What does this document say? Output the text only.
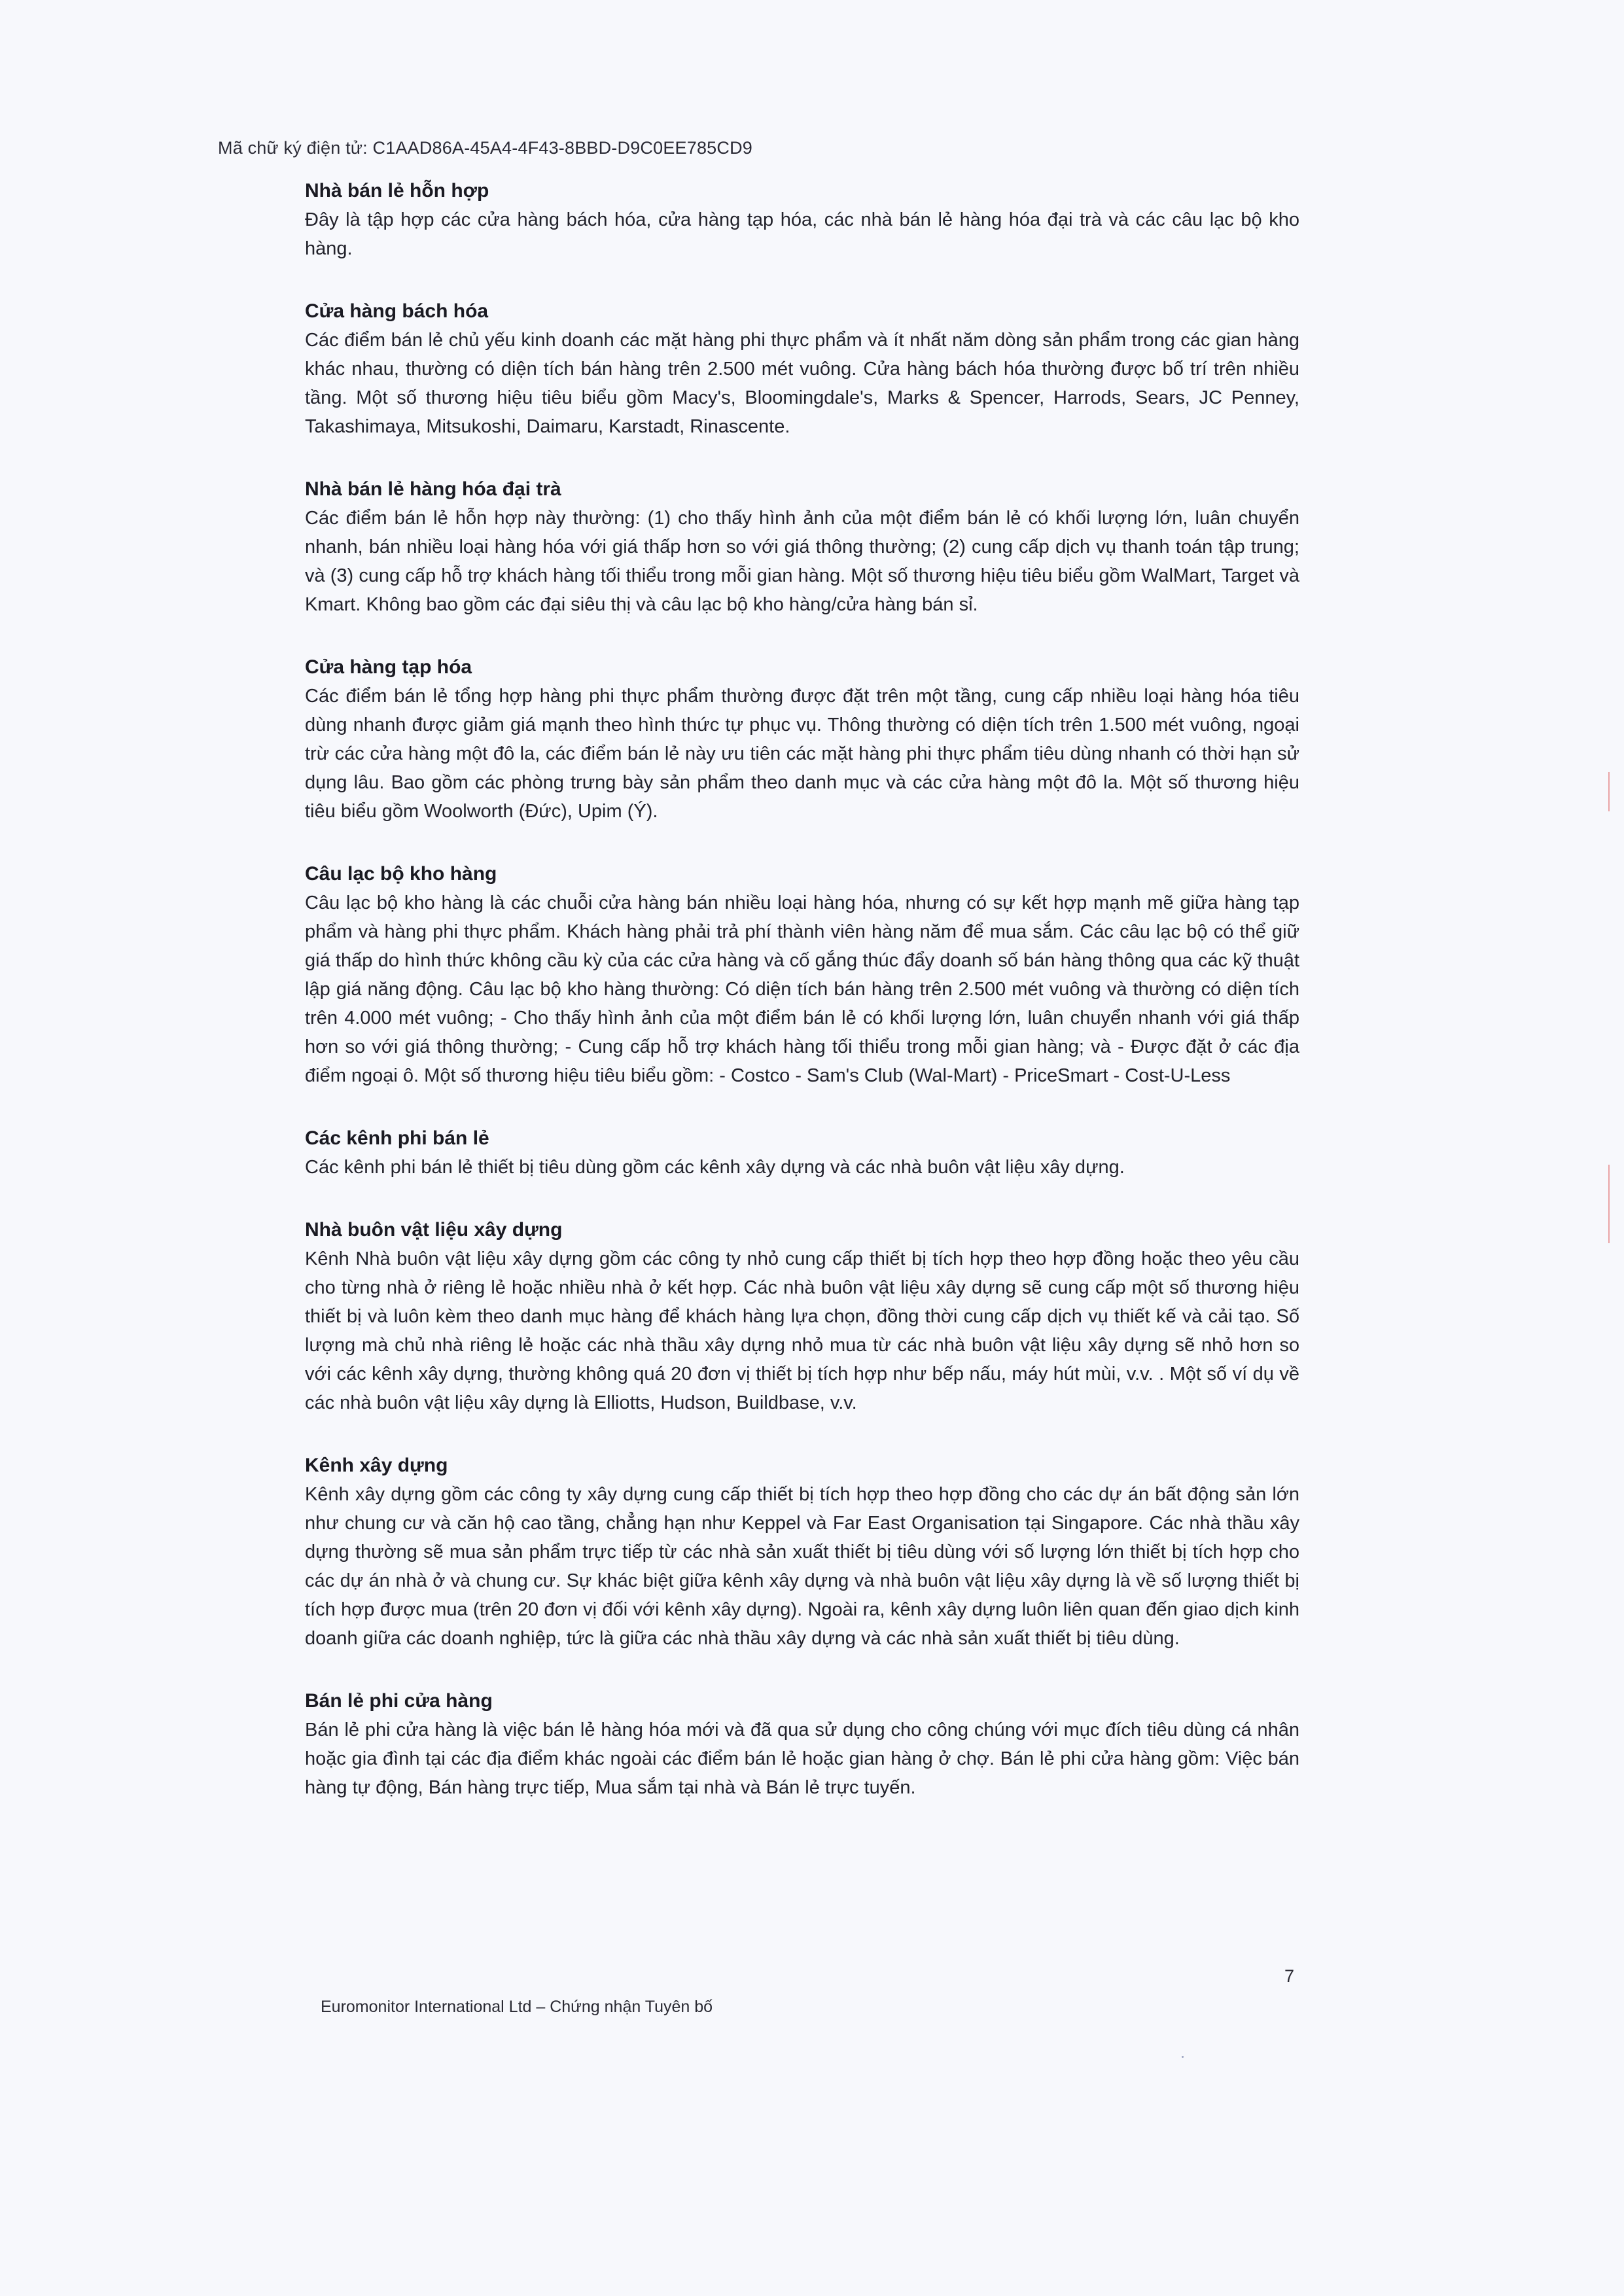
Mã chữ ký điện tử: C1AAD86A-45A4-4F43-8BBD-D9C0EE785CD9
Nhà bán lẻ hỗn hợp
Đây là tập hợp các cửa hàng bách hóa, cửa hàng tạp hóa, các nhà bán lẻ hàng hóa đại trà và các câu lạc bộ kho hàng.
Cửa hàng bách hóa
Các điểm bán lẻ chủ yếu kinh doanh các mặt hàng phi thực phẩm và ít nhất năm dòng sản phẩm trong các gian hàng khác nhau, thường có diện tích bán hàng trên 2.500 mét vuông. Cửa hàng bách hóa thường được bố trí trên nhiều tầng. Một số thương hiệu tiêu biểu gồm Macy's, Bloomingdale's, Marks & Spencer, Harrods, Sears, JC Penney, Takashimaya, Mitsukoshi, Daimaru, Karstadt, Rinascente.
Nhà bán lẻ hàng hóa đại trà
Các điểm bán lẻ hỗn hợp này thường: (1) cho thấy hình ảnh của một điểm bán lẻ có khối lượng lớn, luân chuyển nhanh, bán nhiều loại hàng hóa với giá thấp hơn so với giá thông thường; (2) cung cấp dịch vụ thanh toán tập trung; và (3) cung cấp hỗ trợ khách hàng tối thiểu trong mỗi gian hàng. Một số thương hiệu tiêu biểu gồm WalMart, Target và Kmart. Không bao gồm các đại siêu thị và câu lạc bộ kho hàng/cửa hàng bán sỉ.
Cửa hàng tạp hóa
Các điểm bán lẻ tổng hợp hàng phi thực phẩm thường được đặt trên một tầng, cung cấp nhiều loại hàng hóa tiêu dùng nhanh được giảm giá mạnh theo hình thức tự phục vụ. Thông thường có diện tích trên 1.500 mét vuông, ngoại trừ các cửa hàng một đô la, các điểm bán lẻ này ưu tiên các mặt hàng phi thực phẩm tiêu dùng nhanh có thời hạn sử dụng lâu. Bao gồm các phòng trưng bày sản phẩm theo danh mục và các cửa hàng một đô la. Một số thương hiệu tiêu biểu gồm Woolworth (Đức), Upim (Ý).
Câu lạc bộ kho hàng
Câu lạc bộ kho hàng là các chuỗi cửa hàng bán nhiều loại hàng hóa, nhưng có sự kết hợp mạnh mẽ giữa hàng tạp phẩm và hàng phi thực phẩm. Khách hàng phải trả phí thành viên hàng năm để mua sắm. Các câu lạc bộ có thể giữ giá thấp do hình thức không cầu kỳ của các cửa hàng và cố gắng thúc đẩy doanh số bán hàng thông qua các kỹ thuật lập giá năng động. Câu lạc bộ kho hàng thường: Có diện tích bán hàng trên 2.500 mét vuông và thường có diện tích trên 4.000 mét vuông; - Cho thấy hình ảnh của một điểm bán lẻ có khối lượng lớn, luân chuyển nhanh với giá thấp hơn so với giá thông thường; - Cung cấp hỗ trợ khách hàng tối thiểu trong mỗi gian hàng; và - Được đặt ở các địa điểm ngoại ô. Một số thương hiệu tiêu biểu gồm: - Costco - Sam's Club (Wal-Mart) - PriceSmart - Cost-U-Less
Các kênh phi bán lẻ
Các kênh phi bán lẻ thiết bị tiêu dùng gồm các kênh xây dựng và các nhà buôn vật liệu xây dựng.
Nhà buôn vật liệu xây dựng
Kênh Nhà buôn vật liệu xây dựng gồm các công ty nhỏ cung cấp thiết bị tích hợp theo hợp đồng hoặc theo yêu cầu cho từng nhà ở riêng lẻ hoặc nhiều nhà ở kết hợp. Các nhà buôn vật liệu xây dựng sẽ cung cấp một số thương hiệu thiết bị và luôn kèm theo danh mục hàng để khách hàng lựa chọn, đồng thời cung cấp dịch vụ thiết kế và cải tạo. Số lượng mà chủ nhà riêng lẻ hoặc các nhà thầu xây dựng nhỏ mua từ các nhà buôn vật liệu xây dựng sẽ nhỏ hơn so với các kênh xây dựng, thường không quá 20 đơn vị thiết bị tích hợp như bếp nấu, máy hút mùi, v.v. . Một số ví dụ về các nhà buôn vật liệu xây dựng là Elliotts, Hudson, Buildbase, v.v.
Kênh xây dựng
Kênh xây dựng gồm các công ty xây dựng cung cấp thiết bị tích hợp theo hợp đồng cho các dự án bất động sản lớn như chung cư và căn hộ cao tầng, chẳng hạn như Keppel và Far East Organisation tại Singapore. Các nhà thầu xây dựng thường sẽ mua sản phẩm trực tiếp từ các nhà sản xuất thiết bị tiêu dùng với số lượng lớn thiết bị tích hợp cho các dự án nhà ở và chung cư. Sự khác biệt giữa kênh xây dựng và nhà buôn vật liệu xây dựng là về số lượng thiết bị tích hợp được mua (trên 20 đơn vị đối với kênh xây dựng). Ngoài ra, kênh xây dựng luôn liên quan đến giao dịch kinh doanh giữa các doanh nghiệp, tức là giữa các nhà thầu xây dựng và các nhà sản xuất thiết bị tiêu dùng.
Bán lẻ phi cửa hàng
Bán lẻ phi cửa hàng là việc bán lẻ hàng hóa mới và đã qua sử dụng cho công chúng với mục đích tiêu dùng cá nhân hoặc gia đình tại các địa điểm khác ngoài các điểm bán lẻ hoặc gian hàng ở chợ. Bán lẻ phi cửa hàng gồm: Việc bán hàng tự động, Bán hàng trực tiếp, Mua sắm tại nhà và Bán lẻ trực tuyến.
7
Euromonitor International Ltd – Chứng nhận Tuyên bố
